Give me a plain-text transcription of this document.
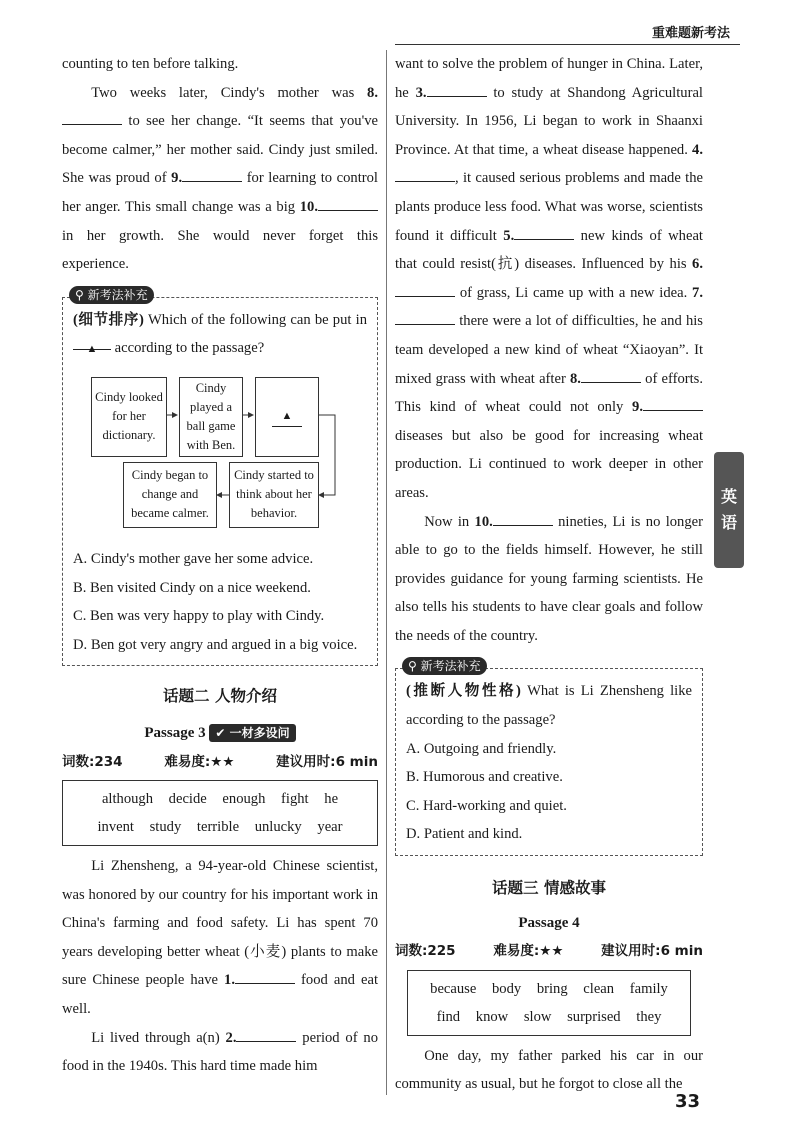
重难题新考法

counting to ten before talking.

Two weeks later, Cindy's mother was 8. to see her change. “It seems that you've become calmer,” her mother said. Cindy just smiled. She was proud of 9.	for learning to control her anger. This small change was a big 10. in her growth. She would never forget this experience.

⚲ 新考法补充

(细节排序) Which of the following can be put in ▲ according to the passage?

Cindy looked for her dictionary.
Cindy played a ball game with Ben.
▲
Cindy began to change and became calmer.
Cindy started to think about her behavior.

A. Cindy's mother gave her some advice.

B. Ben visited Cindy on a nice weekend.

C. Ben was very happy to play with Cindy.

D. Ben got very angry and argued in a big voice.

话题二 人物介绍
Passage 3 ✔ 一材多设问
词数:234	难易度:★★	建议用时:6 min
although decide enough fight he
invent study terrible unlucky year

Li Zhensheng, a 94-year-old Chinese scientist, was honored by our country for his important work in China's farming and food safety. Li has spent 70 years developing better wheat (小麦) plants to make sure Chinese people have 1.	food and eat well.

Li lived through a(n) 2.	period of no food in the 1940s. This hard time made him

want to solve the problem of hunger in China. Later, he 3.	to study at Shandong Agricultural University. In 1956, Li began to work in Shaanxi Province. At that time, a wheat disease happened. 4., it caused serious problems and made the plants produce less food. What was worse, scientists found it difficult 5.	new kinds of wheat that could resist(抗) diseases. Influenced by his 6. of grass, Li came up with a new idea. 7. there were a lot of difficulties, he and his team developed a new kind of wheat “Xiaoyan”. It mixed grass with wheat after 8.	of efforts. This kind of wheat could not only 9. diseases but also be good for increasing wheat production. Li continued to work deeper in other areas.

Now in 10.	nineties, Li is no longer able to go to the fields himself. However, he still provides guidance for young farming scientists. He also tells his students to have clear goals and follow the needs of the country.

⚲ 新考法补充

(推断人物性格) What is Li Zhensheng like according to the passage?

A. Outgoing and friendly.

B. Humorous and creative.

C. Hard-working and quiet.

D. Patient and kind.

话题三 情感故事
Passage 4
词数:225	难易度:★★	建议用时:6 min
because body bring clean family
find know slow surprised they

One day, my father parked his car in our community as usual, but he forgot to close all the

英
语
33
